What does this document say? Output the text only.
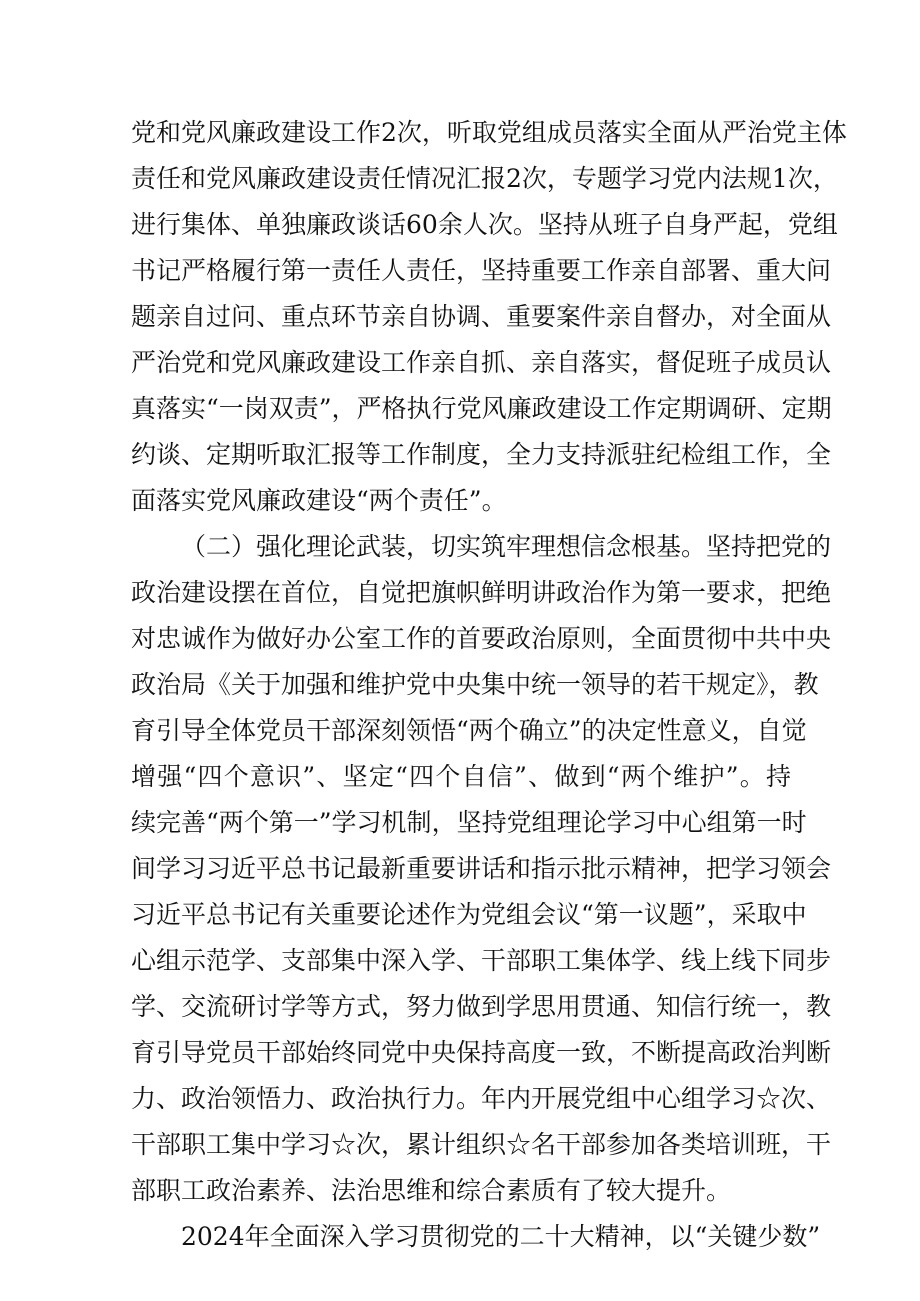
党和党风廉政建设工作2次，听取党组成员落实全面从严治党主体
责任和党风廉政建设责任情况汇报2次，专题学习党内法规1次，
进行集体、单独廉政谈话60余人次。坚持从班子自身严起，党组
书记严格履行第一责任人责任，坚持重要工作亲自部署、重大问
题亲自过问、重点环节亲自协调、重要案件亲自督办，对全面从
严治党和党风廉政建设工作亲自抓、亲自落实，督促班子成员认
真落实“一岗双责”，严格执行党风廉政建设工作定期调研、定期
约谈、定期听取汇报等工作制度，全力支持派驻纪检组工作，全
面落实党风廉政建设“两个责任”。
（二）强化理论武装，切实筑牢理想信念根基。坚持把党的
政治建设摆在首位，自觉把旗帜鲜明讲政治作为第一要求，把绝
对忠诚作为做好办公室工作的首要政治原则，全面贯彻中共中央
政治局《关于加强和维护党中央集中统一领导的若干规定》，教
育引导全体党员干部深刻领悟“两个确立”的决定性意义，自觉
增强“四个意识”、坚定“四个自信”、做到“两个维护”。持
续完善“两个第一”学习机制，坚持党组理论学习中心组第一时
间学习习近平总书记最新重要讲话和指示批示精神，把学习领会
习近平总书记有关重要论述作为党组会议“第一议题”，采取中
心组示范学、支部集中深入学、干部职工集体学、线上线下同步
学、交流研讨学等方式，努力做到学思用贯通、知信行统一，教
育引导党员干部始终同党中央保持高度一致，不断提高政治判断
力、政治领悟力、政治执行力。年内开展党组中心组学习☆次、
干部职工集中学习☆次，累计组织☆名干部参加各类培训班，干
部职工政治素养、法治思维和综合素质有了较大提升。
2024年全面深入学习贯彻党的二十大精神，以“关键少数”
